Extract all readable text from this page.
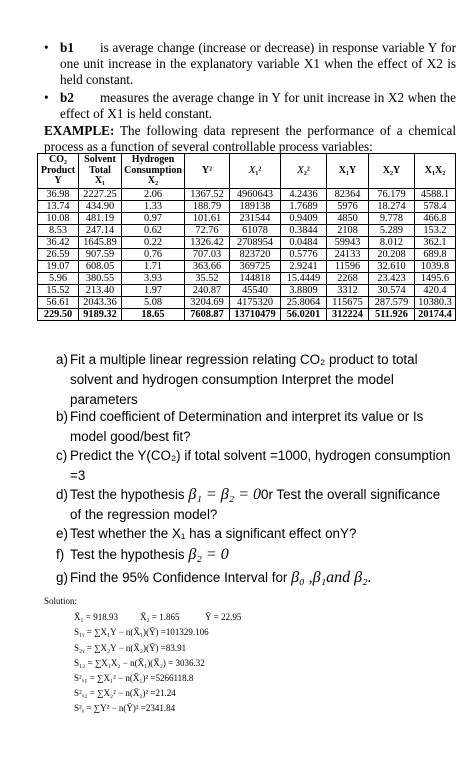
• b1 is average change (increase or decrease) in response variable Y for one unit increase in the explanatory variable X1 when the effect of X2 is held constant.
• b2 measures the average change in Y for unit increase in X2 when the effect of X1 is held constant.
EXAMPLE: The following data represent the performance of a chemical process as a function of several controllable process variables:
CO₂
Product
Y	Solvent
Total
X₁	Hydrogen
Consumption
X₂	Y²	X₁²	X₂²	X₁Y	X₂Y	X₁X₂
36.98	2227.25	2.06	1367.52	4960643	4.2436	82364	76.179	4588.1
13.74	434.90	1.33	188.79	189138	1.7689	5976	18.274	578.4
10.08	481.19	0.97	101.61	231544	0.9409	4850	9.778	466.8
8.53	247.14	0.62	72.76	61078	0.3844	2108	5.289	153.2
36.42	1645.89	0.22	1326.42	2708954	0.0484	59943	8.012	362.1
26.59	907.59	0.76	707.03	823720	0.5776	24133	20.208	689.8
19.07	608.05	1.71	363.66	369725	2.9241	11596	32.610	1039.8
5.96	380.55	3.93	35.52	144818	15.4449	2268	23.423	1495.6
15.52	213.40	1.97	240.87	45540	3.8809	3312	30.574	420.4
56.61	2043.36	5.08	3204.69	4175320	25.8064	115675	287.579	10380.3
229.50	9189.32	18.65	7608.87	13710479	56.0201	312224	511.926	20174.4
a) Fit a multiple linear regression relating CO₂ product to total solvent and hydrogen consumption Interpret the model parameters
b) Find coefficient of Determination and interpret its value or Is model good/best fit?
c) Predict the Y(CO₂) if total solvent =1000, hydrogen consumption =3
d) Test the hypothesis β₁ = β₂ = 00r Test the overall significance of the regression model?
e) Test whether the X₁ has a significant effect onY?
f) Test the hypothesis β₂ = 0
g) Find the 95% Confidence Interval for β₀ ,β₁and β₂.
Solution:
X̄₁ = 918.93 X̄₂ = 1.865	Ȳ = 22.95
S₁ᵧ = ∑X₁Y − n(X̄₁)(Ȳ) =101329.106
S₂ᵧ = ∑X₂Y − n(X̄₂)(Ȳ) =83.91
S₁₂ = ∑X₁X₂ − n(X̄₁)(X̄₂) = 3036.32
S²ₓ₁ = ∑X₁² − n(X̄₁)² =5266118.8
S²ₓ₂ = ∑X₂² − n(X̄₂)² =21.24
S²ᵧ = ∑Y² − n(Ȳ)² =2341.84
